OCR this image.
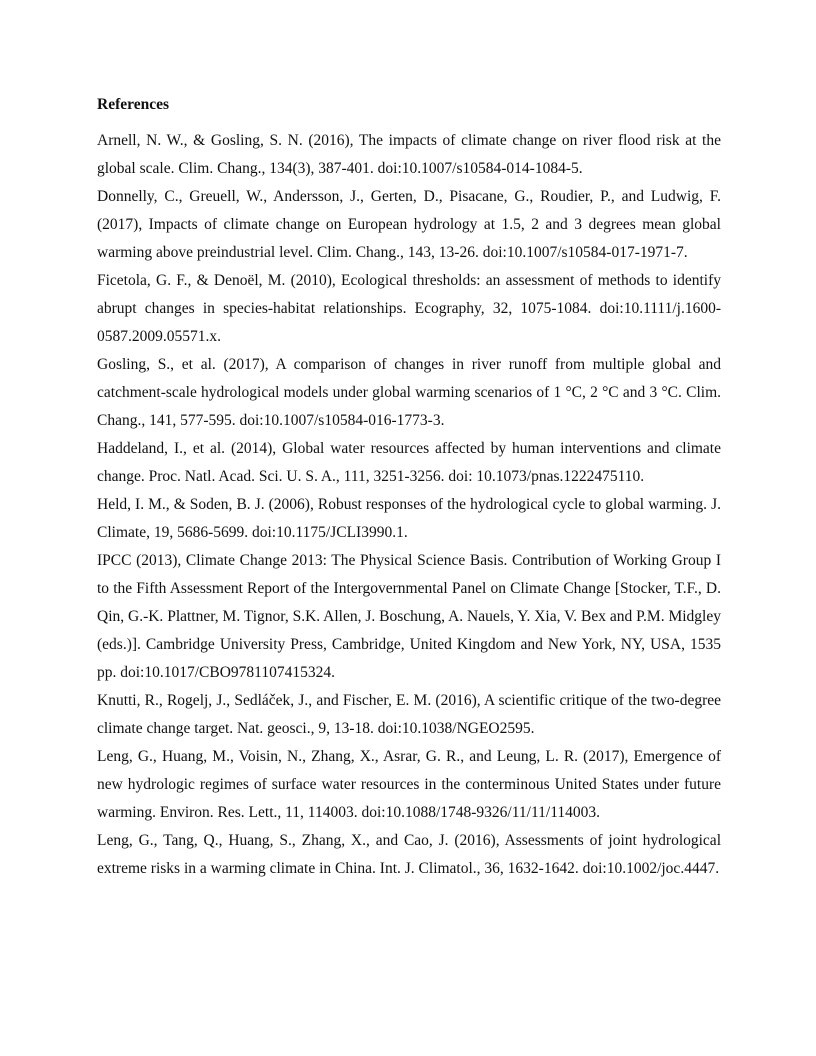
References
Arnell, N. W., & Gosling, S. N. (2016), The impacts of climate change on river flood risk at the global scale. Clim. Chang., 134(3), 387-401. doi:10.1007/s10584-014-1084-5.
Donnelly, C., Greuell, W., Andersson, J., Gerten, D., Pisacane, G., Roudier, P., and Ludwig, F. (2017), Impacts of climate change on European hydrology at 1.5, 2 and 3 degrees mean global warming above preindustrial level. Clim. Chang., 143, 13-26. doi:10.1007/s10584-017-1971-7.
Ficetola, G. F., & Denoël, M. (2010), Ecological thresholds: an assessment of methods to identify abrupt changes in species-habitat relationships. Ecography, 32, 1075-1084. doi:10.1111/j.1600-0587.2009.05571.x.
Gosling, S., et al. (2017), A comparison of changes in river runoff from multiple global and catchment-scale hydrological models under global warming scenarios of 1 °C, 2 °C and 3 °C. Clim. Chang., 141, 577-595. doi:10.1007/s10584-016-1773-3.
Haddeland, I., et al. (2014), Global water resources affected by human interventions and climate change. Proc. Natl. Acad. Sci. U. S. A., 111, 3251-3256. doi: 10.1073/pnas.1222475110.
Held, I. M., & Soden, B. J. (2006), Robust responses of the hydrological cycle to global warming. J. Climate, 19, 5686-5699. doi:10.1175/JCLI3990.1.
IPCC (2013), Climate Change 2013: The Physical Science Basis. Contribution of Working Group I to the Fifth Assessment Report of the Intergovernmental Panel on Climate Change [Stocker, T.F., D. Qin, G.-K. Plattner, M. Tignor, S.K. Allen, J. Boschung, A. Nauels, Y. Xia, V. Bex and P.M. Midgley (eds.)]. Cambridge University Press, Cambridge, United Kingdom and New York, NY, USA, 1535 pp. doi:10.1017/CBO9781107415324.
Knutti, R., Rogelj, J., Sedláček, J., and Fischer, E. M. (2016), A scientific critique of the two-degree climate change target. Nat. geosci., 9, 13-18. doi:10.1038/NGEO2595.
Leng, G., Huang, M., Voisin, N., Zhang, X., Asrar, G. R., and Leung, L. R. (2017), Emergence of new hydrologic regimes of surface water resources in the conterminous United States under future warming. Environ. Res. Lett., 11, 114003. doi:10.1088/1748-9326/11/11/114003.
Leng, G., Tang, Q., Huang, S., Zhang, X., and Cao, J. (2016), Assessments of joint hydrological extreme risks in a warming climate in China. Int. J. Climatol., 36, 1632-1642. doi:10.1002/joc.4447.
